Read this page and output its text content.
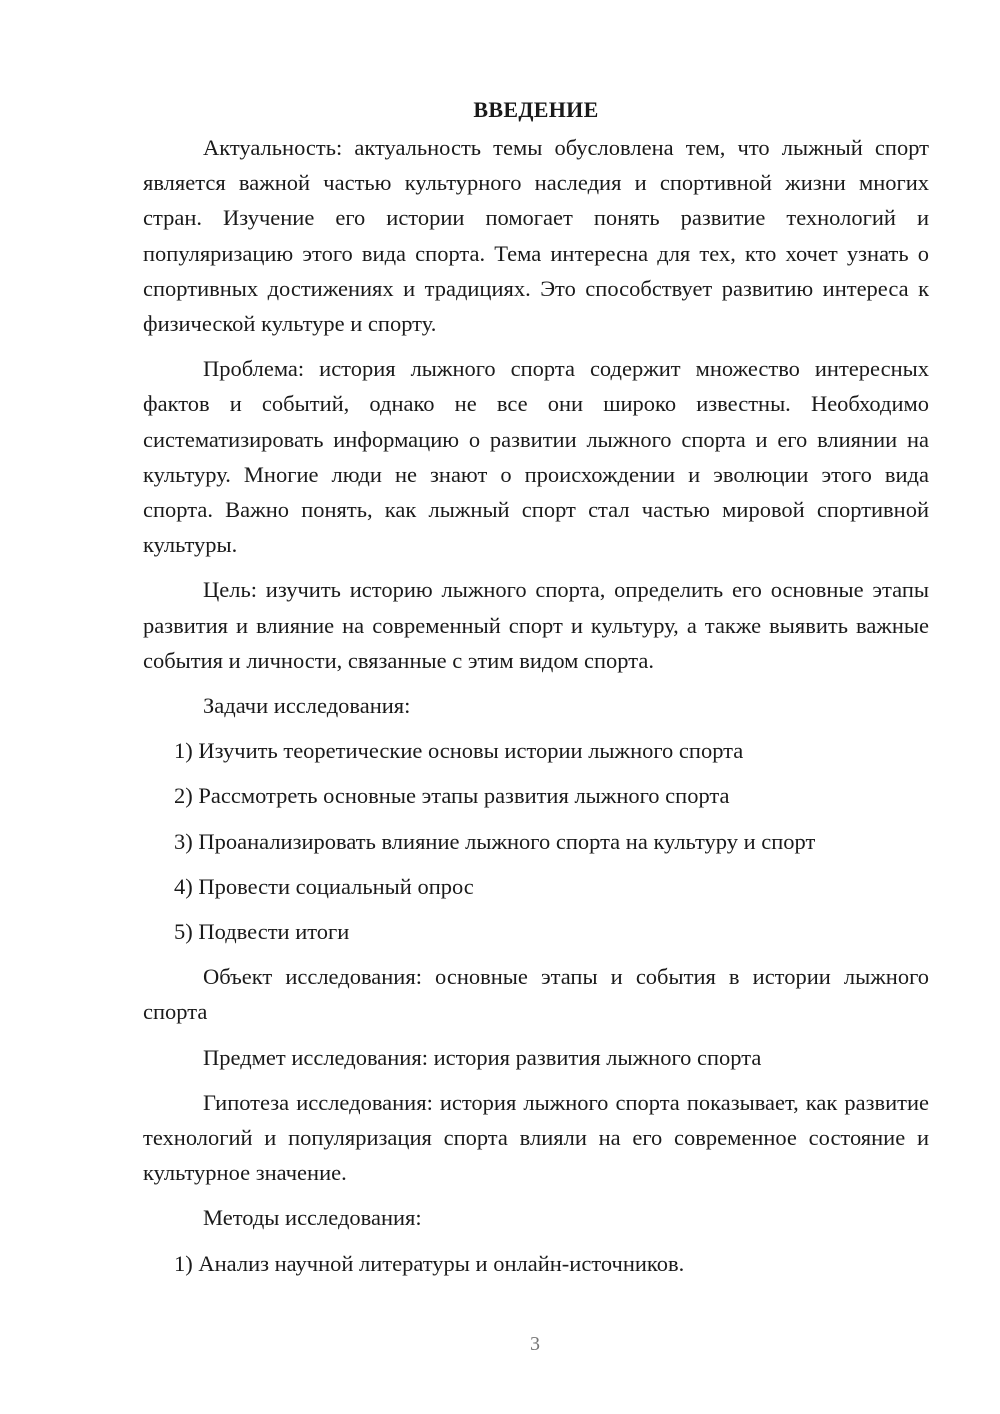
ВВЕДЕНИЕ

Актуальность: актуальность темы обусловлена тем, что лыжный спорт является важной частью культурного наследия и спортивной жизни многих стран. Изучение его истории помогает понять развитие технологий и популяризацию этого вида спорта. Тема интересна для тех, кто хочет узнать о спортивных достижениях и традициях. Это способствует развитию интереса к физической культуре и спорту.

Проблема: история лыжного спорта содержит множество интересных фактов и событий, однако не все они широко известны. Необходимо систематизировать информацию о развитии лыжного спорта и его влиянии на культуру. Многие люди не знают о происхождении и эволюции этого вида спорта. Важно понять, как лыжный спорт стал частью мировой спортивной культуры.

Цель: изучить историю лыжного спорта, определить его основные этапы развития и влияние на современный спорт и культуру, а также выявить важные события и личности, связанные с этим видом спорта.

Задачи исследования:
1) Изучить теоретические основы истории лыжного спорта
2) Рассмотреть основные этапы развития лыжного спорта
3) Проанализировать влияние лыжного спорта на культуру и спорт
4) Провести социальный опрос
5) Подвести итоги

Объект исследования: основные этапы и события в истории лыжного спорта

Предмет исследования: история развития лыжного спорта

Гипотеза исследования: история лыжного спорта показывает, как развитие технологий и популяризация спорта влияли на его современное состояние и культурное значение.

Методы исследования:
1) Анализ научной литературы и онлайн-источников.
3
